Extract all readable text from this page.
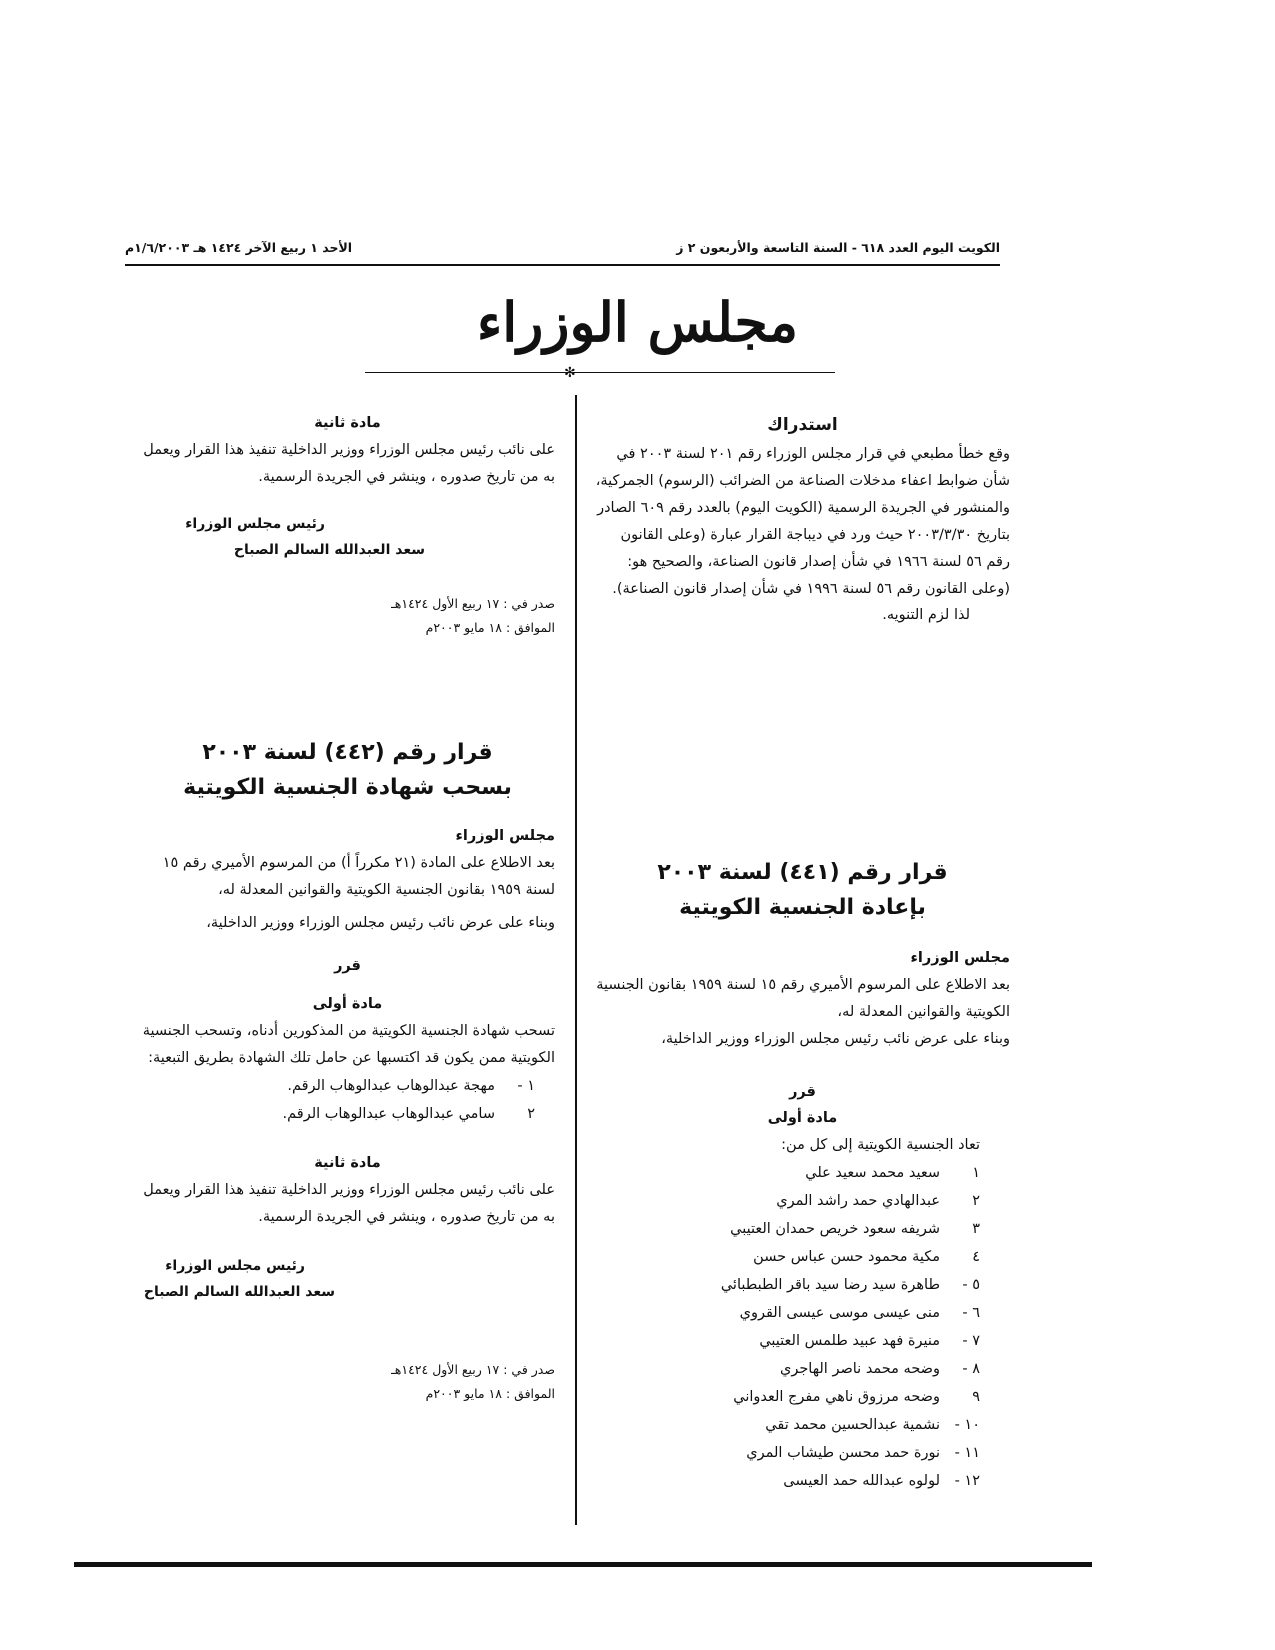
الكويت اليوم العدد ٦١٨ - السنة التاسعة والأربعون ٢ ز
الأحد ١ ربيع الآخر ١٤٢٤ هـ ١/٦/٢٠٠٣م
مجلس الوزراء
✻

استدراك

وقع خطأ مطبعي في قرار مجلس الوزراء رقم ٢٠١ لسنة ٢٠٠٣ في شأن ضوابط اعفاء مدخلات الصناعة من الضرائب (الرسوم) الجمركية، والمنشور في الجريدة الرسمية (الكويت اليوم) بالعدد رقم ٦٠٩ الصادر بتاريخ ٢٠٠٣/٣/٣٠ حيث ورد في ديباجة القرار عبارة (وعلى القانون رقم ٥٦ لسنة ١٩٦٦ في شأن إصدار قانون الصناعة، والصحيح هو:

(وعلى القانون رقم ٥٦ لسنة ١٩٩٦ في شأن إصدار قانون الصناعة).

لذا لزم التنويه.

مادة ثانية

على نائب رئيس مجلس الوزراء ووزير الداخلية تنفيذ هذا القرار ويعمل به من تاريخ صدوره ، وينشر في الجريدة الرسمية.

رئيس مجلس الوزراء

سعد العبدالله السالم الصباح

صدر في : ١٧ ربيع الأول ١٤٢٤هـ

الموافق : ١٨ مايو ٢٠٠٣م

قرار رقم (٤٤٢) لسنة ٢٠٠٣

بسحب شهادة الجنسية الكويتية

مجلس الوزراء

بعد الاطلاع على المادة (٢١ مكرراً أ) من المرسوم الأميري رقم ١٥ لسنة ١٩٥٩ بقانون الجنسية الكويتية والقوانين المعدلة له،

وبناء على عرض نائب رئيس مجلس الوزراء ووزير الداخلية،

قرر

مادة أولى

تسحب شهادة الجنسية الكويتية من المذكورين أدناه، وتسحب الجنسية الكويتية ممن يكون قد اكتسبها عن حامل تلك الشهادة بطريق التبعية:

١ -مهجة عبدالوهاب عبدالوهاب الرقم.
٢سامي عبدالوهاب عبدالوهاب الرقم.

مادة ثانية

على نائب رئيس مجلس الوزراء ووزير الداخلية تنفيذ هذا القرار ويعمل به من تاريخ صدوره ، وينشر في الجريدة الرسمية.

رئيس مجلس الوزراء

سعد العبدالله السالم الصباح

صدر في : ١٧ ربيع الأول ١٤٢٤هـ

الموافق : ١٨ مايو ٢٠٠٣م

قرار رقم (٤٤١) لسنة ٢٠٠٣

بإعادة الجنسية الكويتية

مجلس الوزراء

بعد الاطلاع على المرسوم الأميري رقم ١٥ لسنة ١٩٥٩ بقانون الجنسية الكويتية والقوانين المعدلة له،

وبناء على عرض نائب رئيس مجلس الوزراء ووزير الداخلية،

قرر

مادة أولى

تعاد الجنسية الكويتية إلى كل من:

١سعيد محمد سعيد علي
٢عبدالهادي حمد راشد المري
٣شريفه سعود خريص حمدان العتيبي
٤مكية محمود حسن عباس حسن
٥ -طاهرة سيد رضا سيد باقر الطبطبائي
٦ -منى عيسى موسى عيسى القروي
٧ -منيرة فهد عبيد طلمس العتيبي
٨ -وضحه محمد ناصر الهاجري
٩وضحه مرزوق ناهي مفرج العدواني
١٠ -نشمية عبدالحسين محمد تقي
١١ -نورة حمد محسن طيشاب المري
١٢ -لولوه عبدالله حمد العيسى
